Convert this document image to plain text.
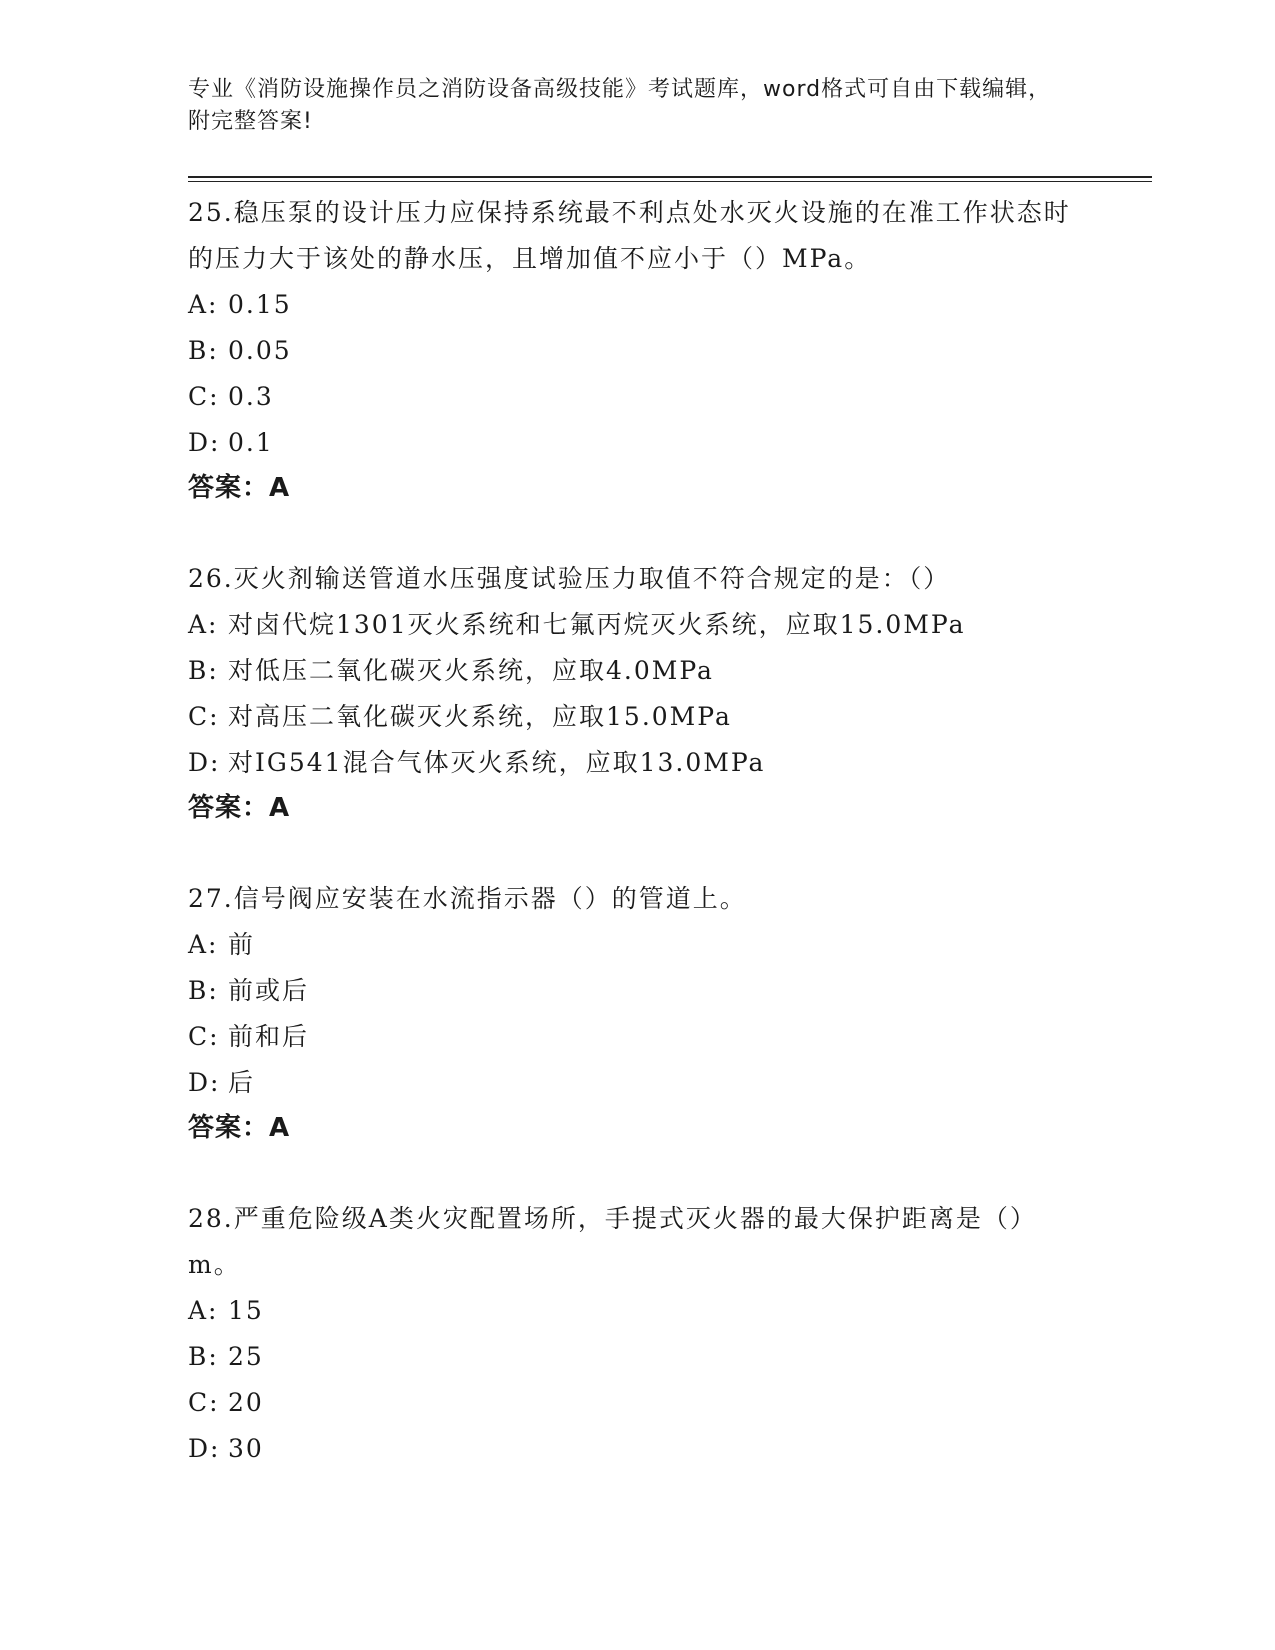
专业《消防设施操作员之消防设备高级技能》考试题库，word格式可自由下载编辑，附完整答案!

25.稳压泵的设计压力应保持系统最不利点处水灭火设施的在准工作状态时的压力大于该处的静水压，且增加值不应小于（）MPa。

A: 0.15

B: 0.05

C: 0.3

D: 0.1

答案：A

26.灭火剂输送管道水压强度试验压力取值不符合规定的是：（）

A: 对卤代烷1301灭火系统和七氟丙烷灭火系统，应取15.0MPa

B: 对低压二氧化碳灭火系统，应取4.0MPa

C: 对高压二氧化碳灭火系统，应取15.0MPa

D: 对IG541混合气体灭火系统，应取13.0MPa

答案：A

27.信号阀应安装在水流指示器（）的管道上。

A: 前

B: 前或后

C: 前和后

D: 后

答案：A

28.严重危险级A类火灾配置场所，手提式灭火器的最大保护距离是（）m。

A: 15

B: 25

C: 20

D: 30
